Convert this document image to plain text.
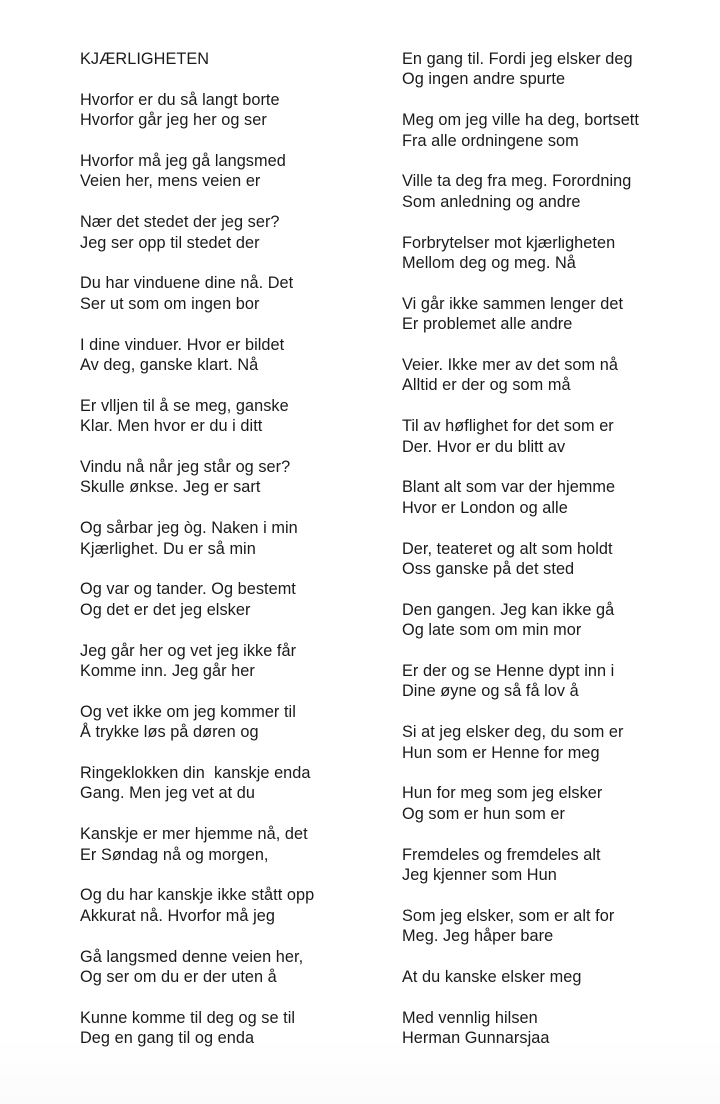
KJÆRLIGHETEN
Hvorfor er du så langt borte
Hvorfor går jeg her og ser
Hvorfor må jeg gå langsmed
Veien her, mens veien er
Nær det stedet der jeg ser?
Jeg ser opp til stedet der
Du har vinduene dine nå. Det
Ser ut som om ingen bor
I dine vinduer. Hvor er bildet
Av deg, ganske klart. Nå
Er vlljen til å se meg, ganske
Klar. Men hvor er du i ditt
Vindu nå når jeg står og ser?
Skulle ønkse. Jeg er sart
Og sårbar jeg òg. Naken i min
Kjærlighet. Du er så min
Og var og tander. Og bestemt
Og det er det jeg elsker
Jeg går her og vet jeg ikke får
Komme inn. Jeg går her
Og vet ikke om jeg kommer til
Å trykke løs på døren og
Ringeklokken din  kanskje enda
Gang. Men jeg vet at du
Kanskje er mer hjemme nå, det
Er Søndag nå og morgen,
Og du har kanskje ikke stått opp
Akkurat nå. Hvorfor må jeg
Gå langsmed denne veien her,
Og ser om du er der uten å
Kunne komme til deg og se til
Deg en gang til og enda
En gang til. Fordi jeg elsker deg
Og ingen andre spurte
Meg om jeg ville ha deg, bortsett
Fra alle ordningene som
Ville ta deg fra meg. Forordning
Som anledning og andre
Forbrytelser mot kjærligheten
Mellom deg og meg. Nå
Vi går ikke sammen lenger det
Er problemet alle andre
Veier. Ikke mer av det som nå
Alltid er der og som må
Til av høflighet for det som er
Der. Hvor er du blitt av
Blant alt som var der hjemme
Hvor er London og alle
Der, teateret og alt som holdt
Oss ganske på det sted
Den gangen. Jeg kan ikke gå
Og late som om min mor
Er der og se Henne dypt inn i
Dine øyne og så få lov å
Si at jeg elsker deg, du som er
Hun som er Henne for meg
Hun for meg som jeg elsker
Og som er hun som er
Fremdeles og fremdeles alt
Jeg kjenner som Hun
Som jeg elsker, som er alt for
Meg. Jeg håper bare
At du kanske elsker meg
Med vennlig hilsen
Herman Gunnarsjaa
